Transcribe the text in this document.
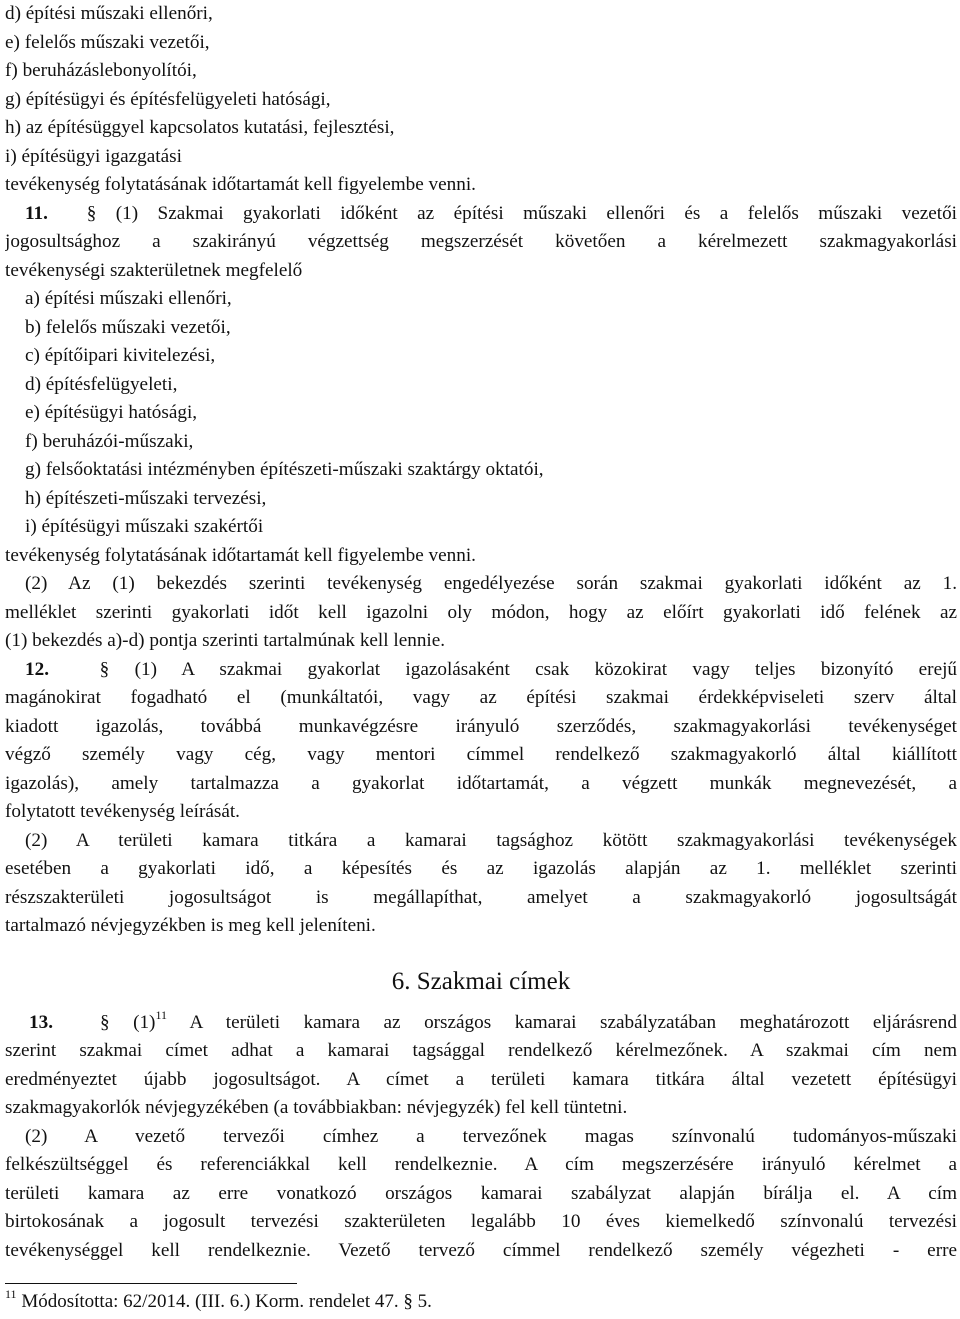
d) építési műszaki ellenőri,
e) felelős műszaki vezetői,
f) beruházáslebonyolítói,
g) építésügyi és építésfelügyeleti hatósági,
h) az építésüggyel kapcsolatos kutatási, fejlesztési,
i) építésügyi igazgatási
tevékenység folytatásának időtartamát kell figyelembe venni.
11. § (1) Szakmai gyakorlati időként az építési műszaki ellenőri és a felelős műszaki vezetői
jogosultsághoz a szakirányú végzettség megszerzését követően a kérelmezett szakmagyakorlási
tevékenységi szakterületnek megfelelő
a) építési műszaki ellenőri,
b) felelős műszaki vezetői,
c) építőipari kivitelezési,
d) építésfelügyeleti,
e) építésügyi hatósági,
f) beruházói-műszaki,
g) felsőoktatási intézményben építészeti-műszaki szaktárgy oktatói,
h) építészeti-műszaki tervezési,
i) építésügyi műszaki szakértői
tevékenység folytatásának időtartamát kell figyelembe venni.
(2) Az (1) bekezdés szerinti tevékenység engedélyezése során szakmai gyakorlati időként az 1.
melléklet szerinti gyakorlati időt kell igazolni oly módon, hogy az előírt gyakorlati idő felének az
(1) bekezdés a)-d) pontja szerinti tartalmúnak kell lennie.
12.	§ (1) A szakmai gyakorlat igazolásaként csak közokirat vagy teljes bizonyító erejű
magánokirat fogadható el (munkáltatói, vagy az építési szakmai érdekképviseleti szerv által
kiadott igazolás, továbbá munkavégzésre irányuló szerződés, szakmagyakorlási tevékenységet
végző személy vagy cég, vagy mentori címmel rendelkező szakmagyakorló által kiállított
igazolás), amely tartalmazza a gyakorlat időtartamát, a végzett munkák megnevezését, a
folytatott tevékenység leírását.
(2) A területi kamara titkára a kamarai tagsághoz kötött szakmagyakorlási tevékenységek
esetében a gyakorlati idő, a képesítés és az igazolás alapján az 1. melléklet szerinti
részszakterületi jogosultságot is megállapíthat, amelyet a szakmagyakorló jogosultságát
tartalmazó névjegyzékben is meg kell jeleníteni.
6. Szakmai címek
13. § $(1)^{11}$ A területi kamara az országos kamarai szabályzatában meghatározott eljárásrend
szerint szakmai címet adhat a kamarai tagsággal rendelkező kérelmezőnek. A szakmai cím nem
eredményeztet újabb jogosultságot. A címet a területi kamara titkára által vezetett építésügyi
szakmagyakorlók névjegyzékében (a továbbiakban: névjegyzék) fel kell tüntetni.
(2) A vezető tervezői címhez a tervezőnek magas színvonalú tudományos-műszaki
felkészültséggel és referenciákkal kell rendelkeznie. A cím megszerzésére irányuló kérelmet a
területi kamara az erre vonatkozó országos kamarai szabályzat alapján bírálja el. A cím
birtokosának a jogosult tervezési szakterületen legalább 10 éves kiemelkedő színvonalú tervezési
tevékenységgel kell rendelkeznie. Vezető tervező címmel rendelkező személy végezheti - erre
$^{11}$ Módosította: 62/2014. (III. 6.) Korm. rendelet 47. § 5.
